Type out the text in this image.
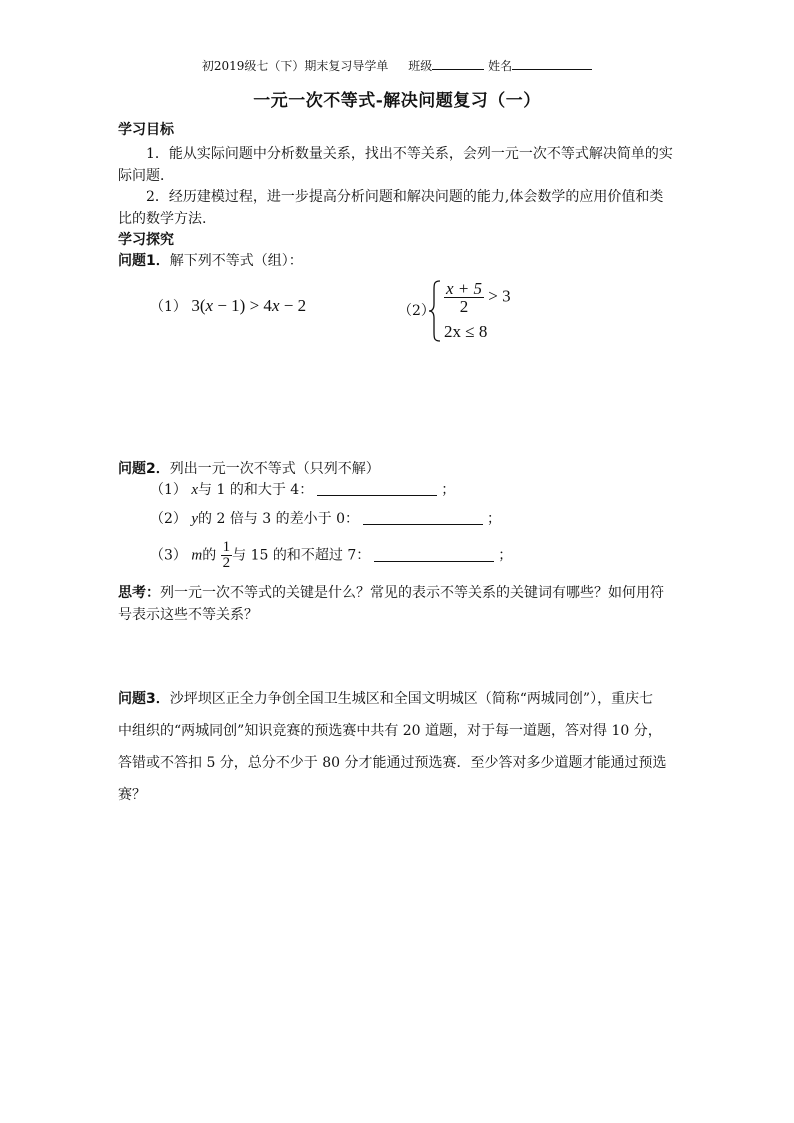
初2019级七（下）期末复习导学单 班级	姓名
一元一次不等式-解决问题复习（一）
学习目标
1．能从实际问题中分析数量关系，找出不等关系，会列一元一次不等式解决简单的实
际问题．
2．经历建模过程，进一步提高分析问题和解决问题的能力,体会数学的应用价值和类
比的数学方法.
学习探究
问题1．解下列不等式（组）：
（1） 3(x − 1) > 4x − 2	$(2) \frac{x + 5}{2} > 3$
2x ≤ 8
问题2．列出一元一次不等式（只列不解）
（1） x与 1 的和大于 4：	；
（2） y的 2 倍与 3 的差小于 0：	；
（3） m的 $\frac{1}{2}$ 与 15 的和不超过 7：	；
思考：列一元一次不等式的关键是什么？常见的表示不等关系的关键词有哪些？如何用符
号表示这些不等关系？
问题3．沙坪坝区正全力争创全国卫生城区和全国文明城区（简称“两城同创”），重庆七
中组织的“两城同创”知识竞赛的预选赛中共有 20 道题，对于每一道题，答对得 10 分，
答错或不答扣 5 分，总分不少于 80 分才能通过预选赛．至少答对多少道题才能通过预选
赛？
